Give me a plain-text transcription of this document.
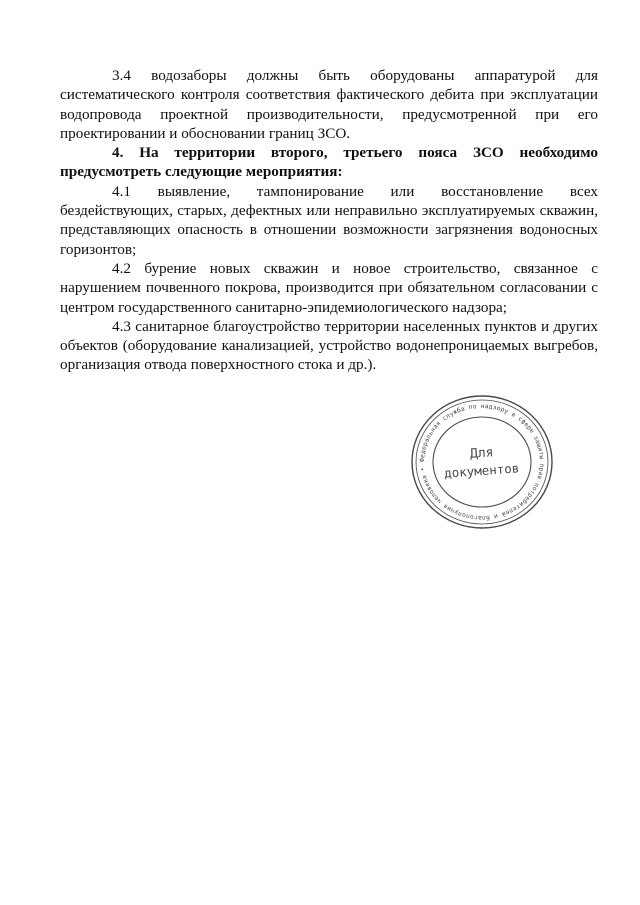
3.4 водозаборы должны быть оборудованы аппаратурой для систематического контроля соответствия фактического дебита при эксплуатации водопровода проектной производительности, предусмотренной при его проектировании и обосновании границ ЗСО.

4. На территории второго, третьего пояса ЗСО необходимо предусмотреть следующие мероприятия:

4.1 выявление, тампонирование или восстановление всех бездействующих, старых, дефектных или неправильно эксплуатируемых скважин, представляющих опасность в отношении возможности загрязнения водоносных горизонтов;

4.2 бурение новых скважин и новое строительство, связанное с нарушением почвенного покрова, производится при обязательном согласовании с центром государственного санитарно-эпидемиологического надзора;

4.3 санитарное благоустройство территории населенных пунктов и других объектов (оборудование канализацией, устройство водонепроницаемых выгребов, организация отвода поверхностного стока и др.).

Федеральная служба по надзору в сфере защиты прав потребителей и благополучия человека •
Для
документов
